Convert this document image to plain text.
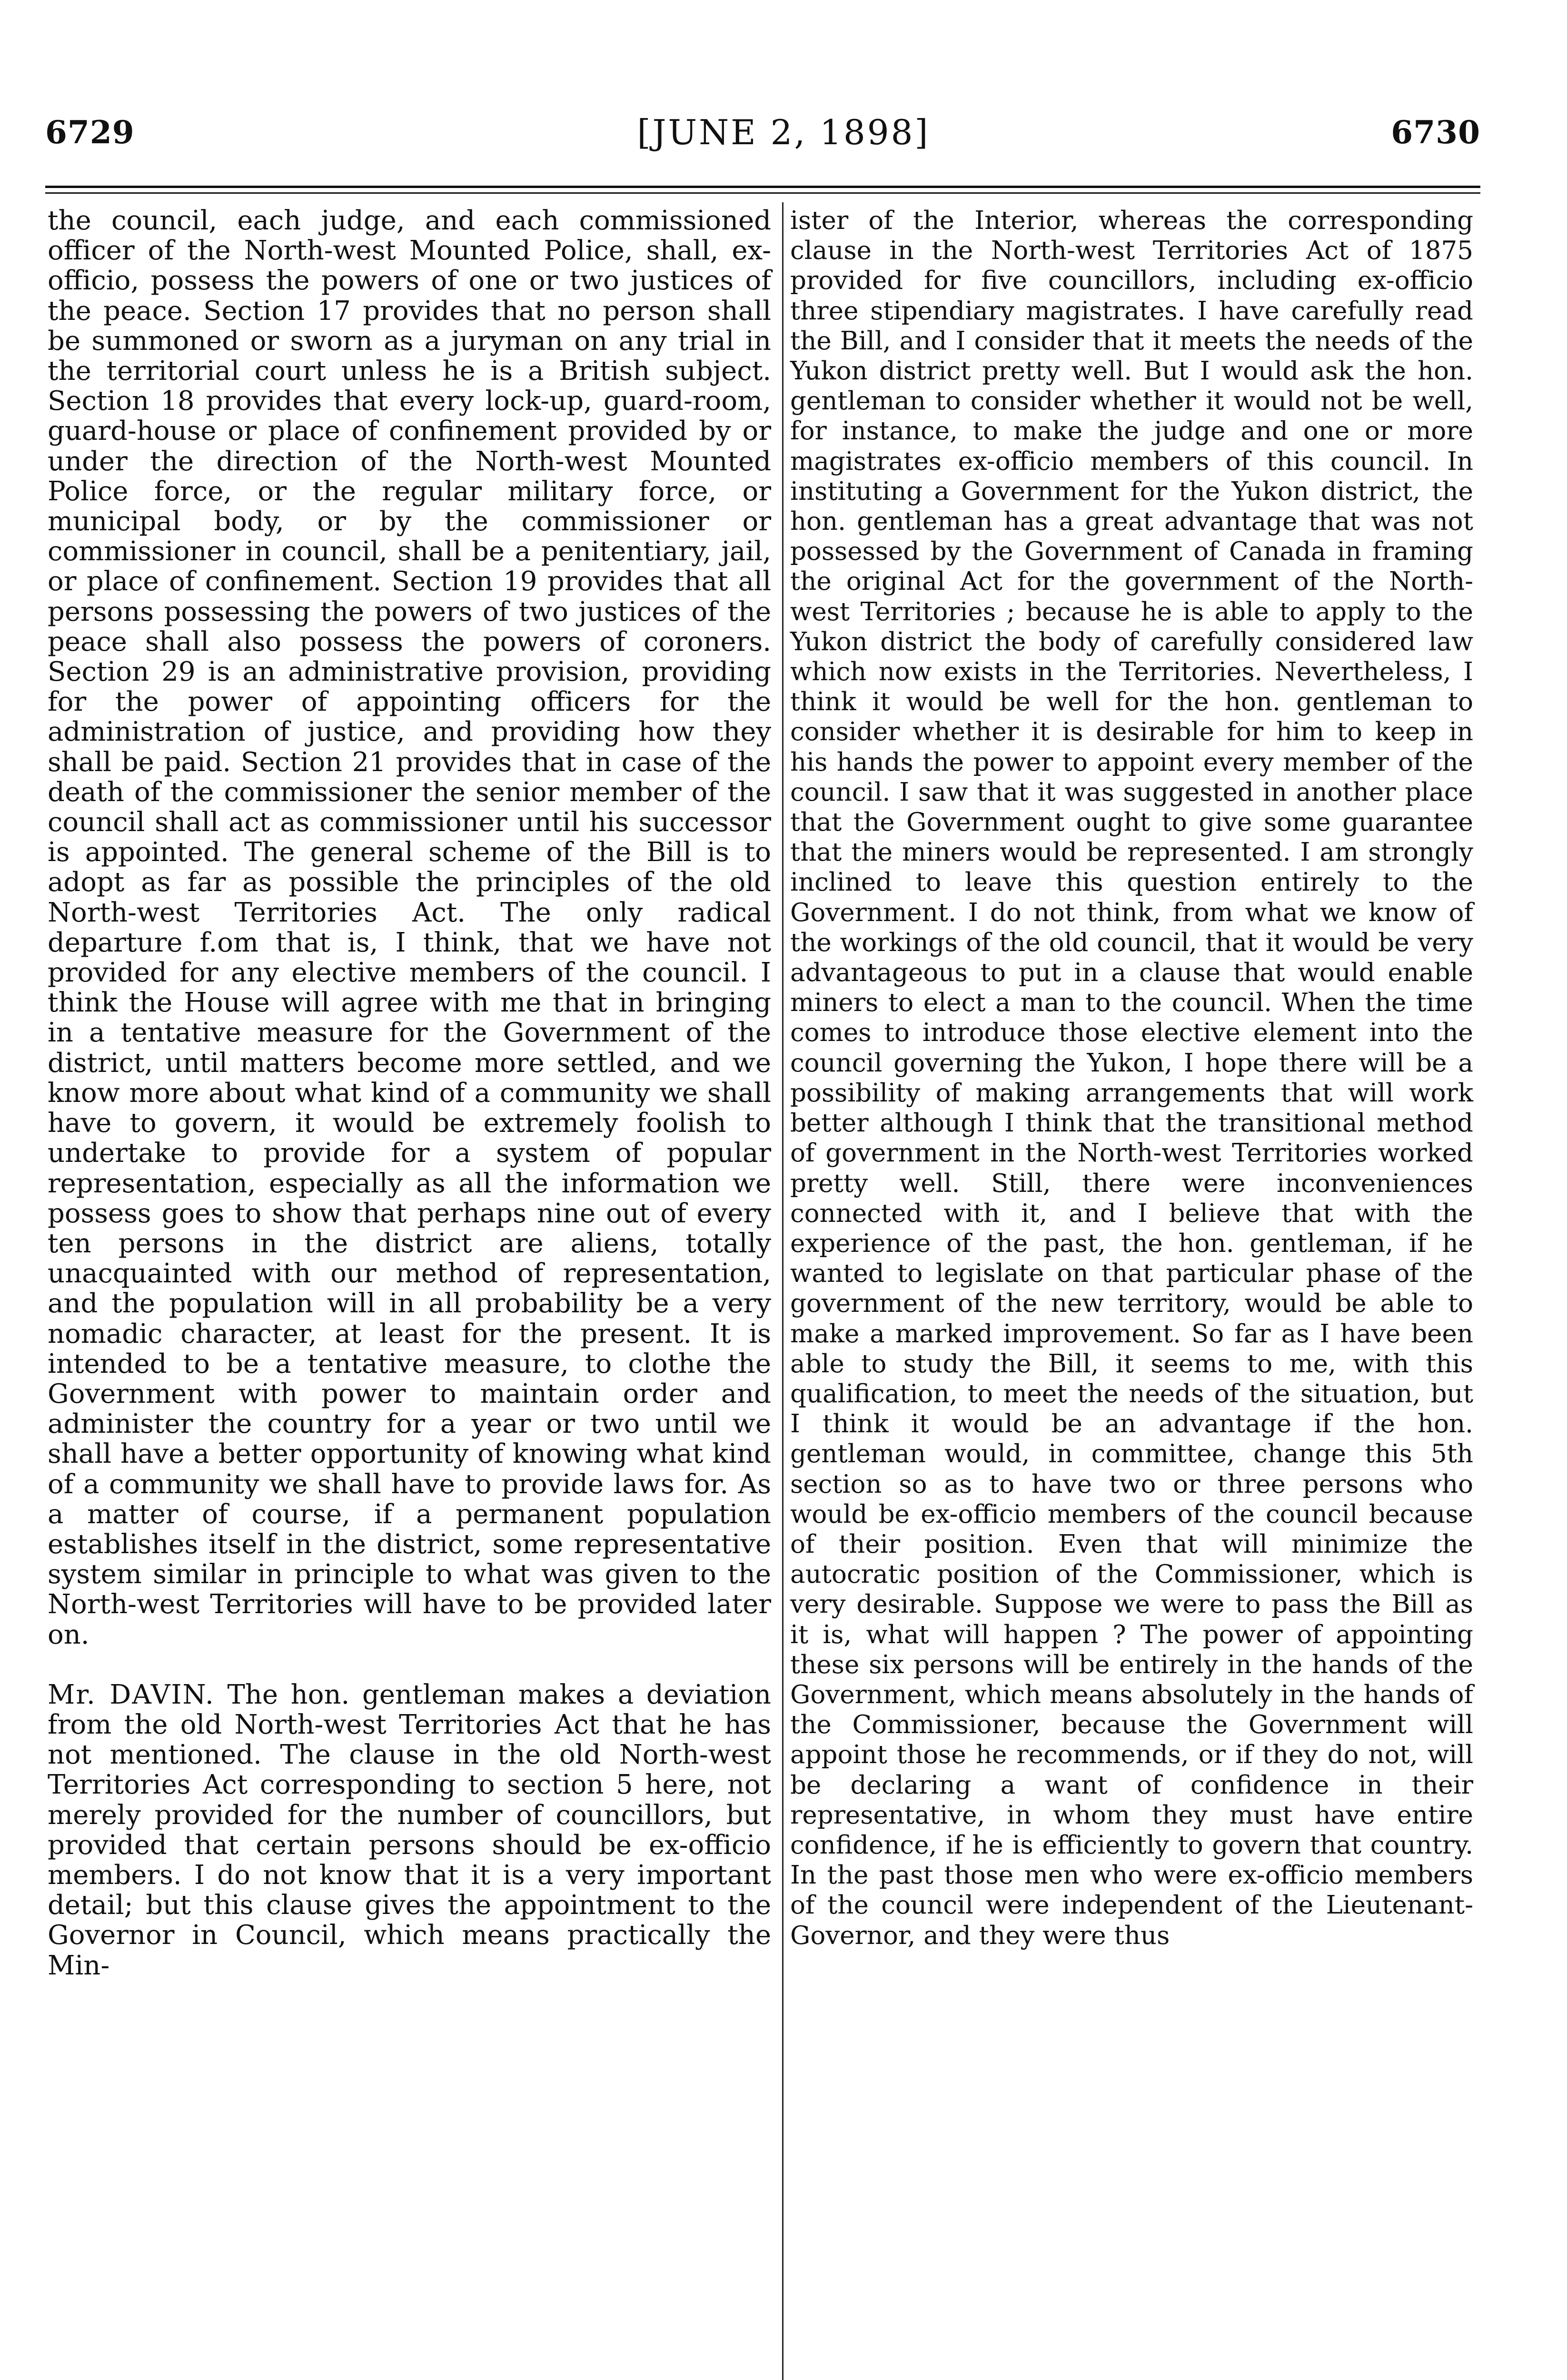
6729	[JUNE 2, 1898]	6730

the council, each judge, and each commissioned officer of the North-west Mounted Police, shall, ex-officio, possess the powers of one or two justices of the peace. Section 17 provides that no person shall be summoned or sworn as a juryman on any trial in the territorial court unless he is a British subject. Section 18 provides that every lock-up, guard-room, guard-house or place of confinement provided by or under the direction of the North-west Mounted Police force, or the regular military force, or municipal body, or by the commissioner or commissioner in council, shall be a penitentiary, jail, or place of confinement. Section 19 provides that all persons possessing the powers of two justices of the peace shall also possess the powers of coroners. Section 29 is an administrative provision, providing for the power of appointing officers for the administration of justice, and providing how they shall be paid. Section 21 provides that in case of the death of the commissioner the senior member of the council shall act as commissioner until his successor is appointed. The general scheme of the Bill is to adopt as far as possible the principles of the old North-west Territories Act. The only radical departure f.om that is, I think, that we have not provided for any elective members of the council. I think the House will agree with me that in bringing in a tentative measure for the Government of the district, until matters become more settled, and we know more about what kind of a community we shall have to govern, it would be extremely foolish to undertake to provide for a system of popular representation, especially as all the information we possess goes to show that perhaps nine out of every ten persons in the district are aliens, totally unacquainted with our method of representation, and the population will in all probability be a very nomadic character, at least for the present. It is intended to be a tentative measure, to clothe the Government with power to maintain order and administer the country for a year or two until we shall have a better opportunity of knowing what kind of a community we shall have to provide laws for. As a matter of course, if a permanent population establishes itself in the district, some representative system similar in principle to what was given to the North-west Territories will have to be provided later on.

Mr. DAVIN. The hon. gentleman makes a deviation from the old North-west Territories Act that he has not mentioned. The clause in the old North-west Territories Act corresponding to section 5 here, not merely provided for the number of councillors, but provided that certain persons should be ex-officio members. I do not know that it is a very important detail; but this clause gives the appointment to the Governor in Council, which means practically the Min-

ister of the Interior, whereas the corresponding clause in the North-west Territories Act of 1875 provided for five councillors, including ex-officio three stipendiary magistrates. I have carefully read the Bill, and I consider that it meets the needs of the Yukon district pretty well. But I would ask the hon. gentleman to consider whether it would not be well, for instance, to make the judge and one or more magistrates ex-officio members of this council. In instituting a Government for the Yukon district, the hon. gentleman has a great advantage that was not possessed by the Government of Canada in framing the original Act for the government of the North-west Territories ; because he is able to apply to the Yukon district the body of carefully considered law which now exists in the Territories. Nevertheless, I think it would be well for the hon. gentleman to consider whether it is desirable for him to keep in his hands the power to appoint every member of the council. I saw that it was suggested in another place that the Government ought to give some guarantee that the miners would be represented. I am strongly inclined to leave this question entirely to the Government. I do not think, from what we know of the workings of the old council, that it would be very advantageous to put in a clause that would enable miners to elect a man to the council. When the time comes to introduce those elective element into the council governing the Yukon, I hope there will be a possibility of making arrangements that will work better although I think that the transitional method of government in the North-west Territories worked pretty well. Still, there were inconveniences connected with it, and I believe that with the experience of the past, the hon. gentleman, if he wanted to legislate on that particular phase of the government of the new territory, would be able to make a marked improvement. So far as I have been able to study the Bill, it seems to me, with this qualification, to meet the needs of the situation, but I think it would be an advantage if the hon. gentleman would, in committee, change this 5th section so as to have two or three persons who would be ex-officio members of the council because of their position. Even that will minimize the autocratic position of the Commissioner, which is very desirable. Suppose we were to pass the Bill as it is, what will happen ? The power of appointing these six persons will be entirely in the hands of the Government, which means absolutely in the hands of the Commissioner, because the Government will appoint those he recommends, or if they do not, will be declaring a want of confidence in their representative, in whom they must have entire confidence, if he is efficiently to govern that country. In the past those men who were ex-officio members of the council were independent of the Lieutenant-Governor, and they were thus
